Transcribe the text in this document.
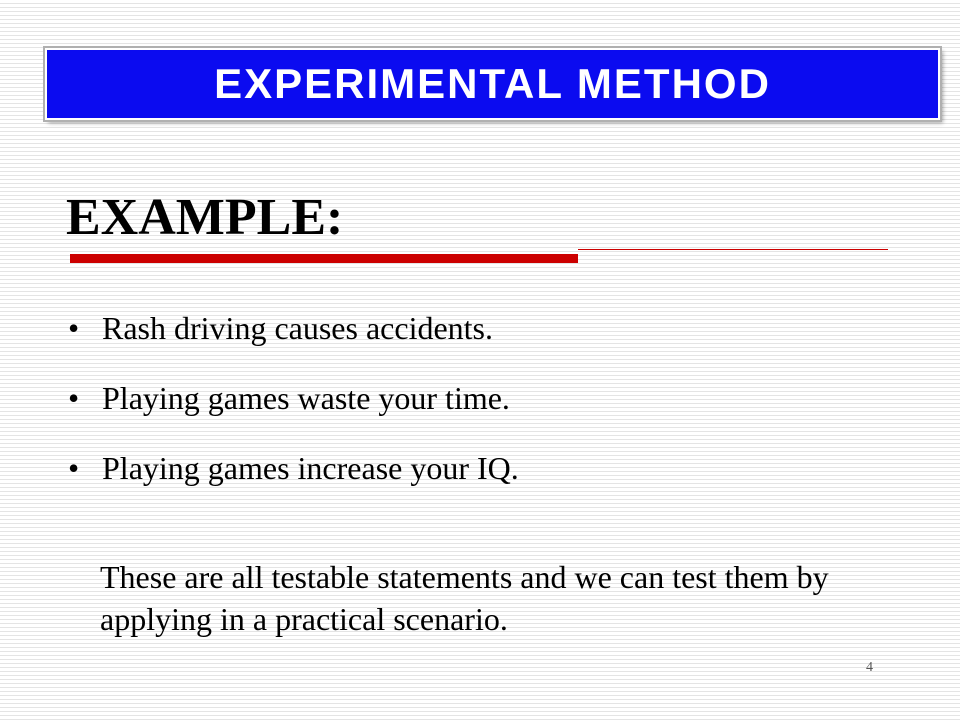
EXPERIMENTAL METHOD
EXAMPLE:
• Rash driving causes accidents.
• Playing games waste your time.
• Playing games increase your IQ.

These are all testable statements and we can test them by applying in a practical scenario.

4
